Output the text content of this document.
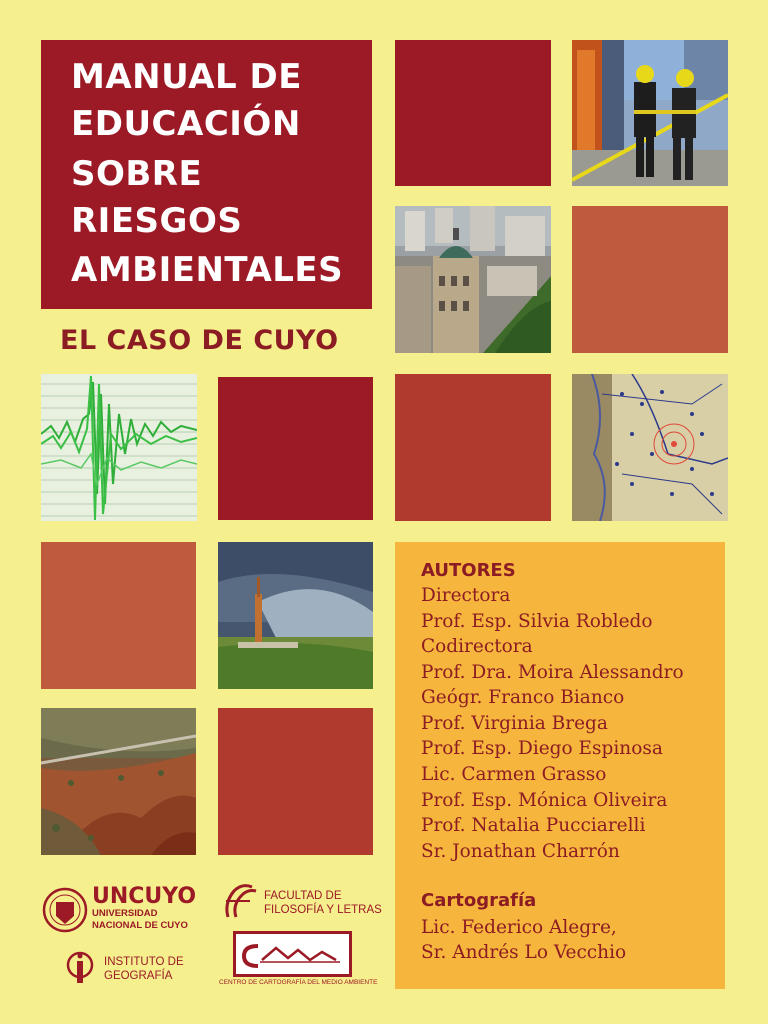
MANUAL DE
EDUCACIÓN
SOBRE
RIESGOS
AMBIENTALES
EL CASO DE CUYO
AUTORES
Directora
Prof. Esp. Silvia Robledo
Codirectora
Prof. Dra. Moira Alessandro
Geógr. Franco Bianco
Prof. Virginia Brega
Prof. Esp. Diego Espinosa
Lic. Carmen Grasso
Prof. Esp. Mónica Oliveira
Prof. Natalia Pucciarelli
Sr. Jonathan Charrón
Cartografía
Lic. Federico Alegre,
Sr. Andrés Lo Vecchio
UNCUYO
UNIVERSIDAD
NACIONAL DE CUYO
FACULTAD DE
FILOSOFÍA Y LETRAS
INSTITUTO DE
GEOGRAFÍA
CENTRO DE CARTOGRAFÍA DEL MEDIO AMBIENTE
